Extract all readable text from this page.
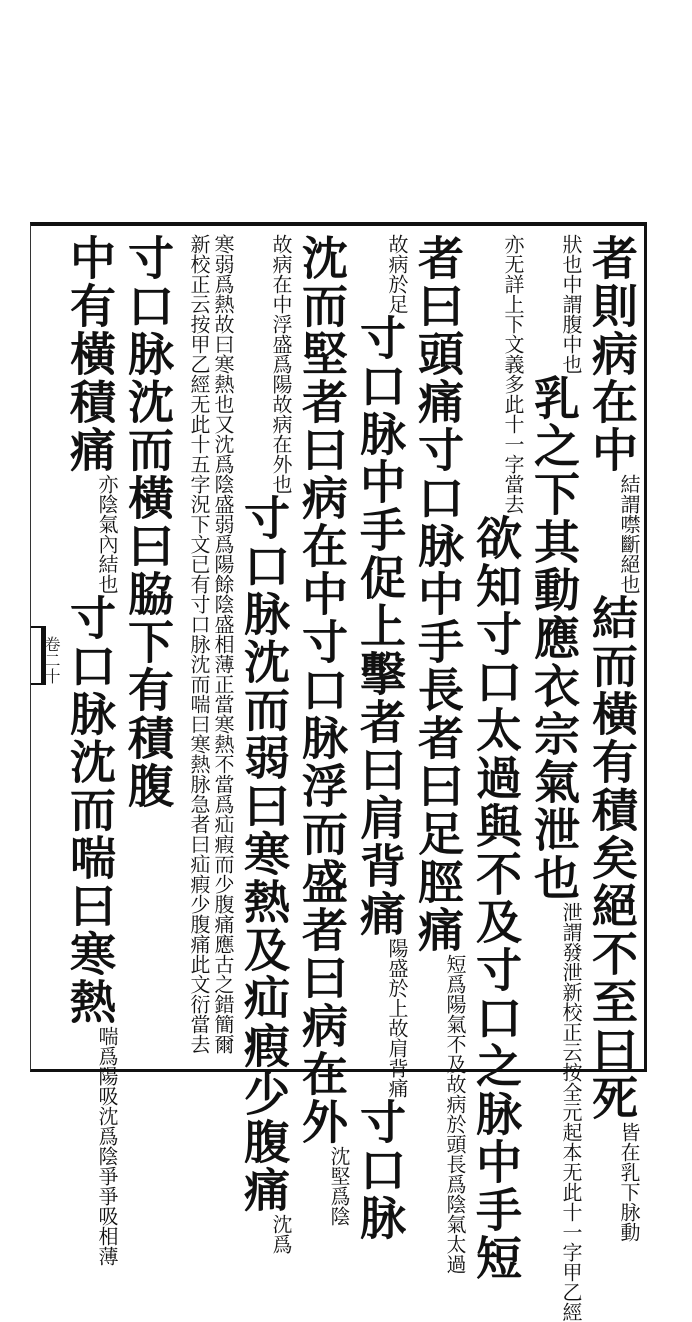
卷二十
者則病在中結謂噤斷絕也結而橫有積矣絕不至曰死皆在乳下脉動
狀也中謂腹中也乳之下其動應衣宗氣泄也泄謂發泄新校正云按全元起本无此十一字甲乙經
亦无詳上下文義多此十一字當去欲知寸口太過與不及寸口之脉中手短
者曰頭痛寸口脉中手長者曰足脛痛短爲陽氣不及故病於頭長爲陰氣太過
故病於足寸口脉中手促上擊者曰肩背痛陽盛於上故肩背痛寸口脉
沈而堅者曰病在中寸口脉浮而盛者曰病在外沈堅爲陰
故病在中浮盛爲陽故病在外也寸口脉沈而弱曰寒熱及疝瘕少腹痛沈爲
寒弱爲熱故曰寒熱也又沈爲陰盛弱爲陽餘陰盛相薄正當寒熱不當爲疝瘕而少腹痛應古之錯簡爾　新校正云按甲乙經无此十五字況下文已有寸口脉沈而喘曰寒熱脉急者曰疝瘕少腹痛此文衍當去
寸口脉沈而橫曰脇下有積腹
中有橫積痛亦陰氣內結也寸口脉沈而喘曰寒熱喘爲陽吸沈爲陰爭爭吸相薄
